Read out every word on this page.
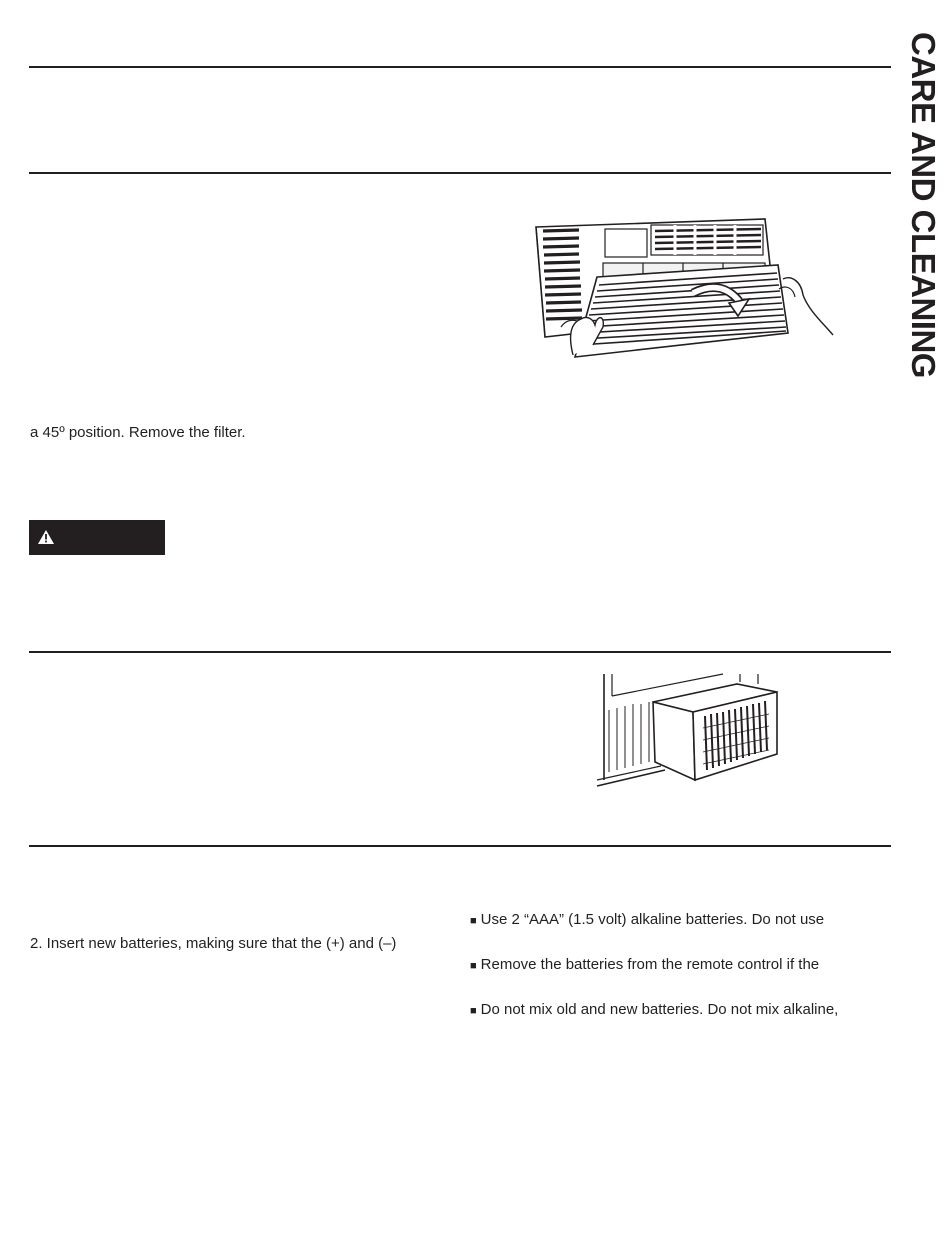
CARE AND CLEANING
a 45º position. Remove the filter.
2. Insert new batteries, making sure that the (+) and (–)
■ Use 2 “AAA” (1.5 volt) alkaline batteries. Do not use
■ Remove the batteries from the remote control if the
■ Do not mix old and new batteries. Do not mix alkaline,
